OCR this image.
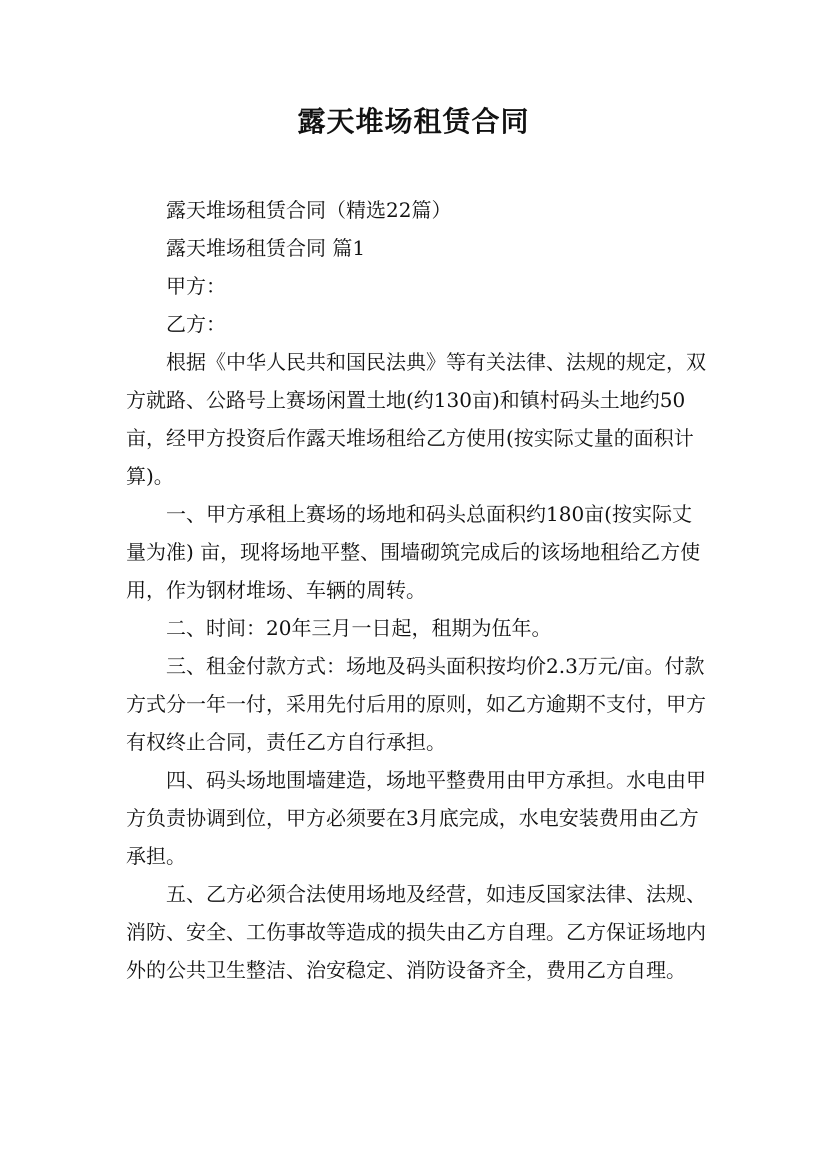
露天堆场租赁合同

露天堆场租赁合同（精选22篇）

露天堆场租赁合同 篇1

甲方：

乙方：

根据《中华人民共和国民法典》等有关法律、法规的规定，双方就路、公路号上赛场闲置土地(约130亩)和镇村码头土地约50亩，经甲方投资后作露天堆场租给乙方使用(按实际丈量的面积计算)。

一、甲方承租上赛场的场地和码头总面积约180亩(按实际丈量为准) 亩，现将场地平整、围墙砌筑完成后的该场地租给乙方使用，作为钢材堆场、车辆的周转。

二、时间：20年三月一日起，租期为伍年。

三、租金付款方式：场地及码头面积按均价2.3万元/亩。付款方式分一年一付，采用先付后用的原则，如乙方逾期不支付，甲方有权终止合同，责任乙方自行承担。

四、码头场地围墙建造，场地平整费用由甲方承担。水电由甲方负责协调到位，甲方必须要在3月底完成，水电安装费用由乙方承担。

五、乙方必须合法使用场地及经营，如违反国家法律、法规、消防、安全、工伤事故等造成的损失由乙方自理。乙方保证场地内外的公共卫生整洁、治安稳定、消防设备齐全，费用乙方自理。
